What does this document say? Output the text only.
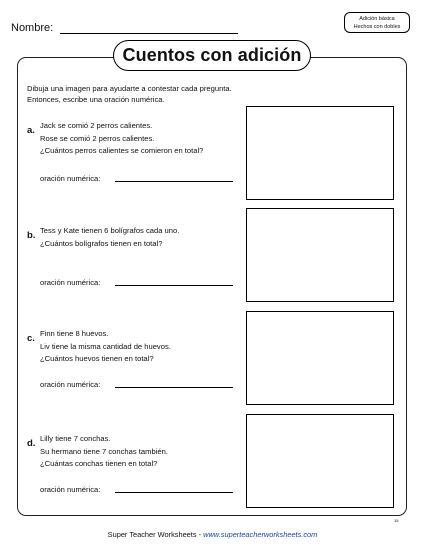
Nombre:
Adición básica
Hechos con dobles
Cuentos con adición
Dibuja una imagen para ayudarte a contestar cada pregunta.
Entonces, escribe una oración numérica.
a. Jack se comió 2 perros calientes.
Rose se comió 2 perros calientes.
¿Cuántos perros calientes se comieron en total?
oración numérica:
b. Tess y Kate tienen 6 bolígrafos cada uno.
¿Cuántos bolígrafos tienen en total?
oración numérica:
c. Finn tiene 8 huevos.
Liv tiene la misma cantidad de huevos.
¿Cuántos huevos tienen en total?
oración numérica:
d. Lilly tiene 7 conchas.
Su hermano tiene 7 conchas también.
¿Cuántas conchas tienen en total?
oración numérica:
15
Super Teacher Worksheets - www.superteacherworksheets.com
